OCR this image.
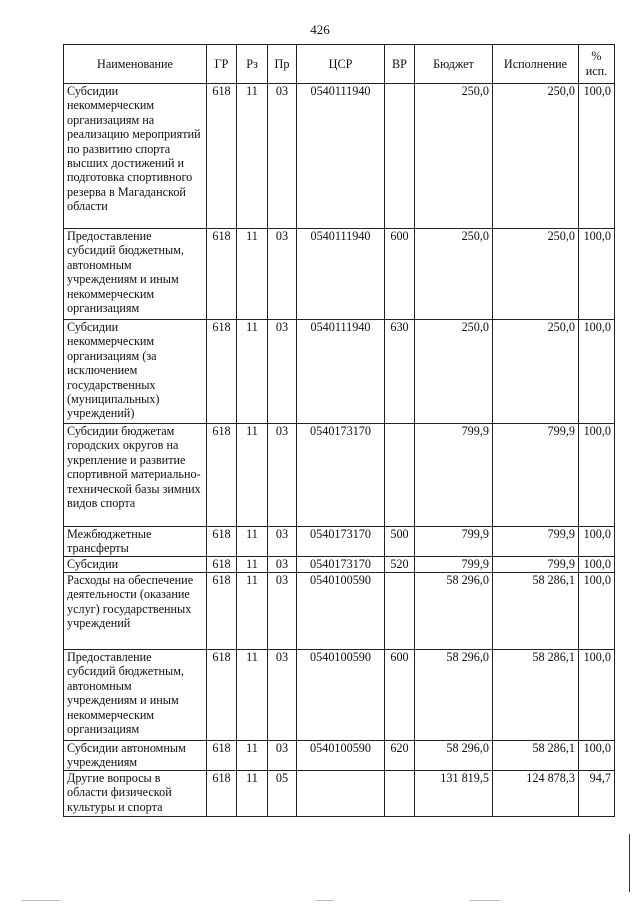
426
Наименование	ГР	Рз	Пр	ЦСР	ВР	Бюджет	Исполнение	%
исп.

Субсидии некоммерческим организациям на реализацию мероприятий по развитию спорта высших достижений и подготовка спортивного резерва в Магаданской области	618	11	03	0540111940		250,0	250,0	100,0
Предоставление субсидий бюджетным, автономным учреждениям и иным некоммерческим организациям	618	11	03	0540111940	600	250,0	250,0	100,0
Субсидии некоммерческим организациям (за исключением государственных (муниципальных) учреждений)	618	11	03	0540111940	630	250,0	250,0	100,0
Субсидии бюджетам городских округов на укрепление и развитие спортивной материально-технической базы зимних видов спорта	618	11	03	0540173170		799,9	799,9	100,0
Межбюджетные трансферты	618	11	03	0540173170	500	799,9	799,9	100,0
Субсидии	618	11	03	0540173170	520	799,9	799,9	100,0
Расходы на обеспечение деятельности (оказание услуг) государственных учреждений	618	11	03	0540100590		58 296,0	58 286,1	100,0
Предоставление субсидий бюджетным, автономным учреждениям и иным некоммерческим организациям	618	11	03	0540100590	600	58 296,0	58 286,1	100,0
Субсидии автономным учреждениям	618	11	03	0540100590	620	58 296,0	58 286,1	100,0
Другие вопросы в области физической культуры и спорта	618	11	05			131 819,5	124 878,3	94,7
